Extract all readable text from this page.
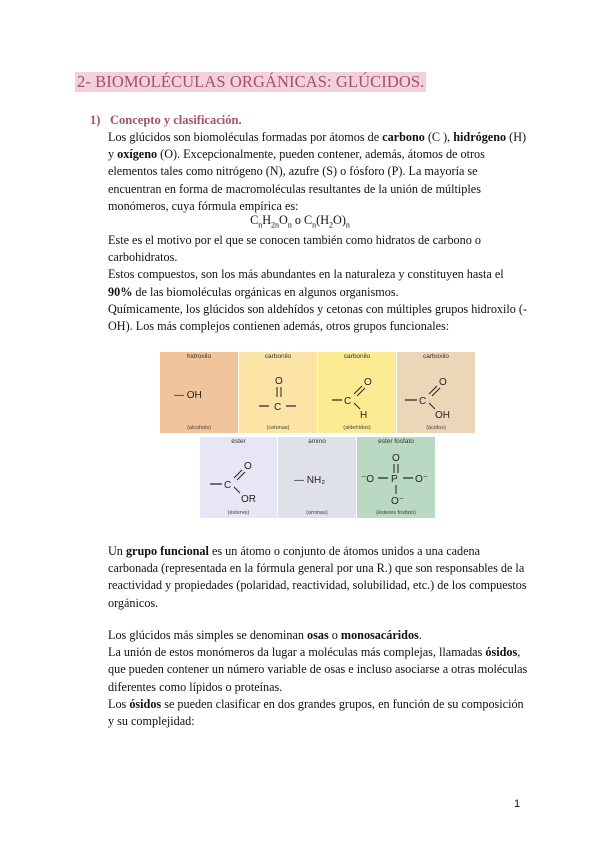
2- BIOMOLÉCULAS ORGÁNICAS: GLÚCIDOS.
1) Concepto y clasificación.

Los glúcidos son biomoléculas formadas por átomos de carbono (C ), hidrógeno (H) y oxígeno (O). Excepcionalmente, pueden contener, además, átomos de otros elementos tales como nitrógeno (N), azufre (S) o fósforo (P). La mayoría se encuentran en forma de macromoléculas resultantes de la unión de múltiples monómeros, cuya fórmula empírica es:

$C_nH_{2n}O_n$ o $C_n(H_2O)_n$

Este es el motivo por el que se conocen también como hidratos de carbono o carbohidratos.
Estos compuestos, son los más abundantes en la naturaleza y constituyen hasta el 90% de las biomoléculas orgánicas en algunos organismos.
Químicamente, los glúcidos son aldehídos y cetonas con múltiples grupos hidroxilo (-OH). Los más complejos contienen además, otros grupos funcionales:

hidroxilo
— OH
(alcohols)
carbonilo
O
C
(cetonas)
carbonilo
C
O
H
(aldehídos)
carboxilo
C
O
OH
(ácidos)
éster
C
O
OR
(ésteres)
amino
— NH₂
(aminas)
ester fosfato
O
⁻O P O⁻
O⁻
(ésteres fosfato)

Un grupo funcional es un átomo o conjunto de átomos unidos a una cadena carbonada (representada en la fórmula general por una R.) que son responsables de la reactividad y propiedades (polaridad, reactividad, solubilidad, etc.) de los compuestos orgánicos.

Los glúcidos más simples se denominan osas o monosacáridos.
La unión de estos monómeros da lugar a moléculas más complejas, llamadas ósidos, que pueden contener un número variable de osas e incluso asociarse a otras moléculas diferentes como lípidos o proteínas.
Los ósidos se pueden clasificar en dos grandes grupos, en función de su composición y su complejidad:

1
